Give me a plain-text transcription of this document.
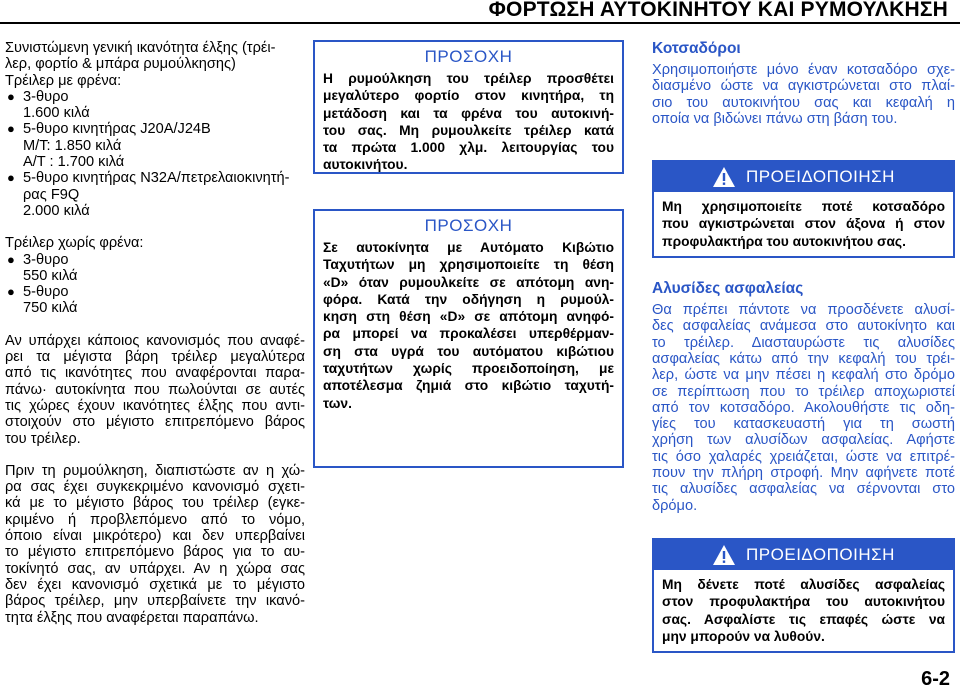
ΦΟΡΤΩΣΗ ΑΥΤΟΚΙΝΗΤΟΥ ΚΑΙ ΡΥΜΟΥΛΚΗΣΗ
Συνιστώμενη γενική ικανότητα έλξης (τρέι-
λερ, φορτίο & μπάρα ρυμούλκησης)
Τρέιλερ με φρένα:
● 3-θυρο
1.600 κιλά
● 5-θυρο κινητήρας J20A/J24B
Μ/Τ: 1.850 κιλά
Α/Τ : 1.700 κιλά
● 5-θυρο κινητήρας N32A/πετρελαιοκινητή-
ρας F9Q
2.000 κιλά
Τρέιλερ χωρίς φρένα:
● 3-θυρο
550 κιλά
● 5-θυρο
750 κιλά
Αν υπάρχει κάποιος κανονισμός που αναφέ-
ρει τα μέγιστα βάρη τρέιλερ μεγαλύτερα
από τις ικανότητες που αναφέρονται παρα-
πάνω· αυτοκίνητα που πωλούνται σε αυτές
τις χώρες έχουν ικανότητες έλξης που αντι-
στοιχούν στο μέγιστο επιτρεπόμενο βάρος
του τρέιλερ.
Πριν τη ρυμούλκηση, διαπιστώστε αν η χώ-
ρα σας έχει συγκεκριμένο κανονισμό σχετι-
κά με το μέγιστο βάρος του τρέιλερ (εγκε-
κριμένο ή προβλεπόμενο από το νόμο,
όποιο είναι μικρότερο) και δεν υπερβαίνει
το μέγιστο επιτρεπόμενο βάρος για το αυ-
τοκίνητό σας, αν υπάρχει. Αν η χώρα σας
δεν έχει κανονισμό σχετικά με το μέγιστο
βάρος τρέιλερ, μην υπερβαίνετε την ικανό-
τητα έλξης που αναφέρεται παραπάνω.
ΠΡΟΣΟΧΗ
Η ρυμούλκηση του τρέιλερ προσθέτει
μεγαλύτερο φορτίο στον κινητήρα, τη
μετάδοση και τα φρένα του αυτοκινή-
του σας. Μη ρυμουλκείτε τρέιλερ κατά
τα πρώτα 1.000 χλμ. λειτουργίας του
αυτοκινήτου.
ΠΡΟΣΟΧΗ
Σε αυτοκίνητα με Αυτόματο Κιβώτιο
Ταχυτήτων μη χρησιμοποιείτε τη θέση
«D» όταν ρυμουλκείτε σε απότομη ανη-
φόρα. Κατά την οδήγηση η ρυμούλ-
κηση στη θέση «D» σε απότομη ανηφό-
ρα μπορεί να προκαλέσει υπερθέρμαν-
ση στα υγρά του αυτόματου κιβώτιου
ταχυτήτων χωρίς προειδοποίηση, με
αποτέλεσμα ζημιά στο κιβώτιο ταχυτή-
των.
Κοτσαδόροι
Χρησιμοποιήστε μόνο έναν κοτσαδόρο σχε-
διασμένο ώστε να αγκιστρώνεται στο πλαί-
σιο του αυτοκινήτου σας και κεφαλή η
οποία να βιδώνει πάνω στη βάση του.
ΠΡΟΕΙΔΟΠΟΙΗΣΗ
Μη χρησιμοποιείτε ποτέ κοτσαδόρο
που αγκιστρώνεται στον άξονα ή στον
προφυλακτήρα του αυτοκινήτου σας.
Αλυσίδες ασφαλείας
Θα πρέπει πάντοτε να προσδένετε αλυσί-
δες ασφαλείας ανάμεσα στο αυτοκίνητο και
το τρέιλερ. Διασταυρώστε τις αλυσίδες
ασφαλείας κάτω από την κεφαλή του τρέι-
λερ, ώστε να μην πέσει η κεφαλή στο δρόμο
σε περίπτωση που το τρέιλερ αποχωριστεί
από τον κοτσαδόρο. Ακολουθήστε τις οδη-
γίες του κατασκευαστή για τη σωστή
χρήση των αλυσίδων ασφαλείας. Αφήστε
τις όσο χαλαρές χρειάζεται, ώστε να επιτρέ-
πουν την πλήρη στροφή. Μην αφήνετε ποτέ
τις αλυσίδες ασφαλείας να σέρνονται στο
δρόμο.
ΠΡΟΕΙΔΟΠΟΙΗΣΗ
Μη δένετε ποτέ αλυσίδες ασφαλείας
στον προφυλακτήρα του αυτοκινήτου
σας. Ασφαλίστε τις επαφές ώστε να
μην μπορούν να λυθούν.
6-2
